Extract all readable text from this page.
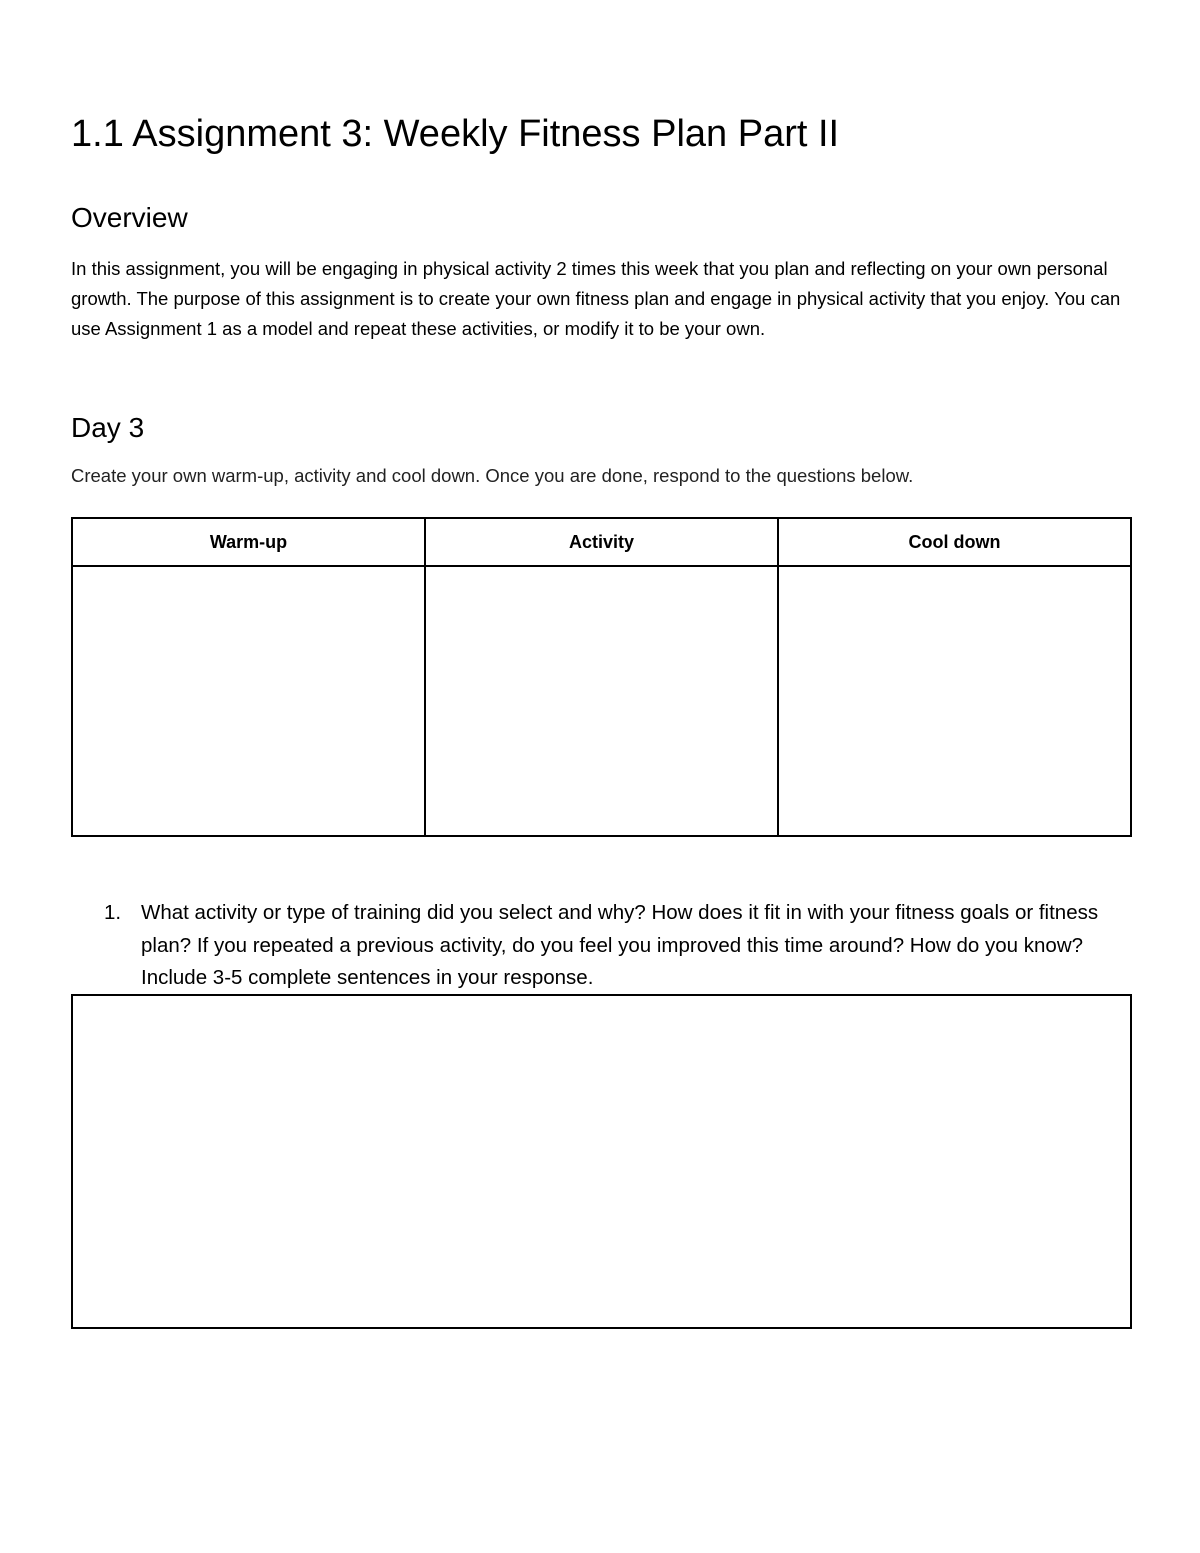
1.1 Assignment 3: Weekly Fitness Plan Part II
Overview

In this assignment, you will be engaging in physical activity 2 times this week that you plan and reflecting on your own personal growth. The purpose of this assignment is to create your own fitness plan and engage in physical activity that you enjoy. You can use Assignment 1 as a model and repeat these activities, or modify it to be your own.

Day 3

Create your own warm-up, activity and cool down. Once you are done, respond to the questions below.

Warm-up	Activity	Cool down

1. What activity or type of training did you select and why? How does it fit in with your fitness goals or fitness plan? If you repeated a previous activity, do you feel you improved this time around? How do you know? Include 3-5 complete sentences in your response.
